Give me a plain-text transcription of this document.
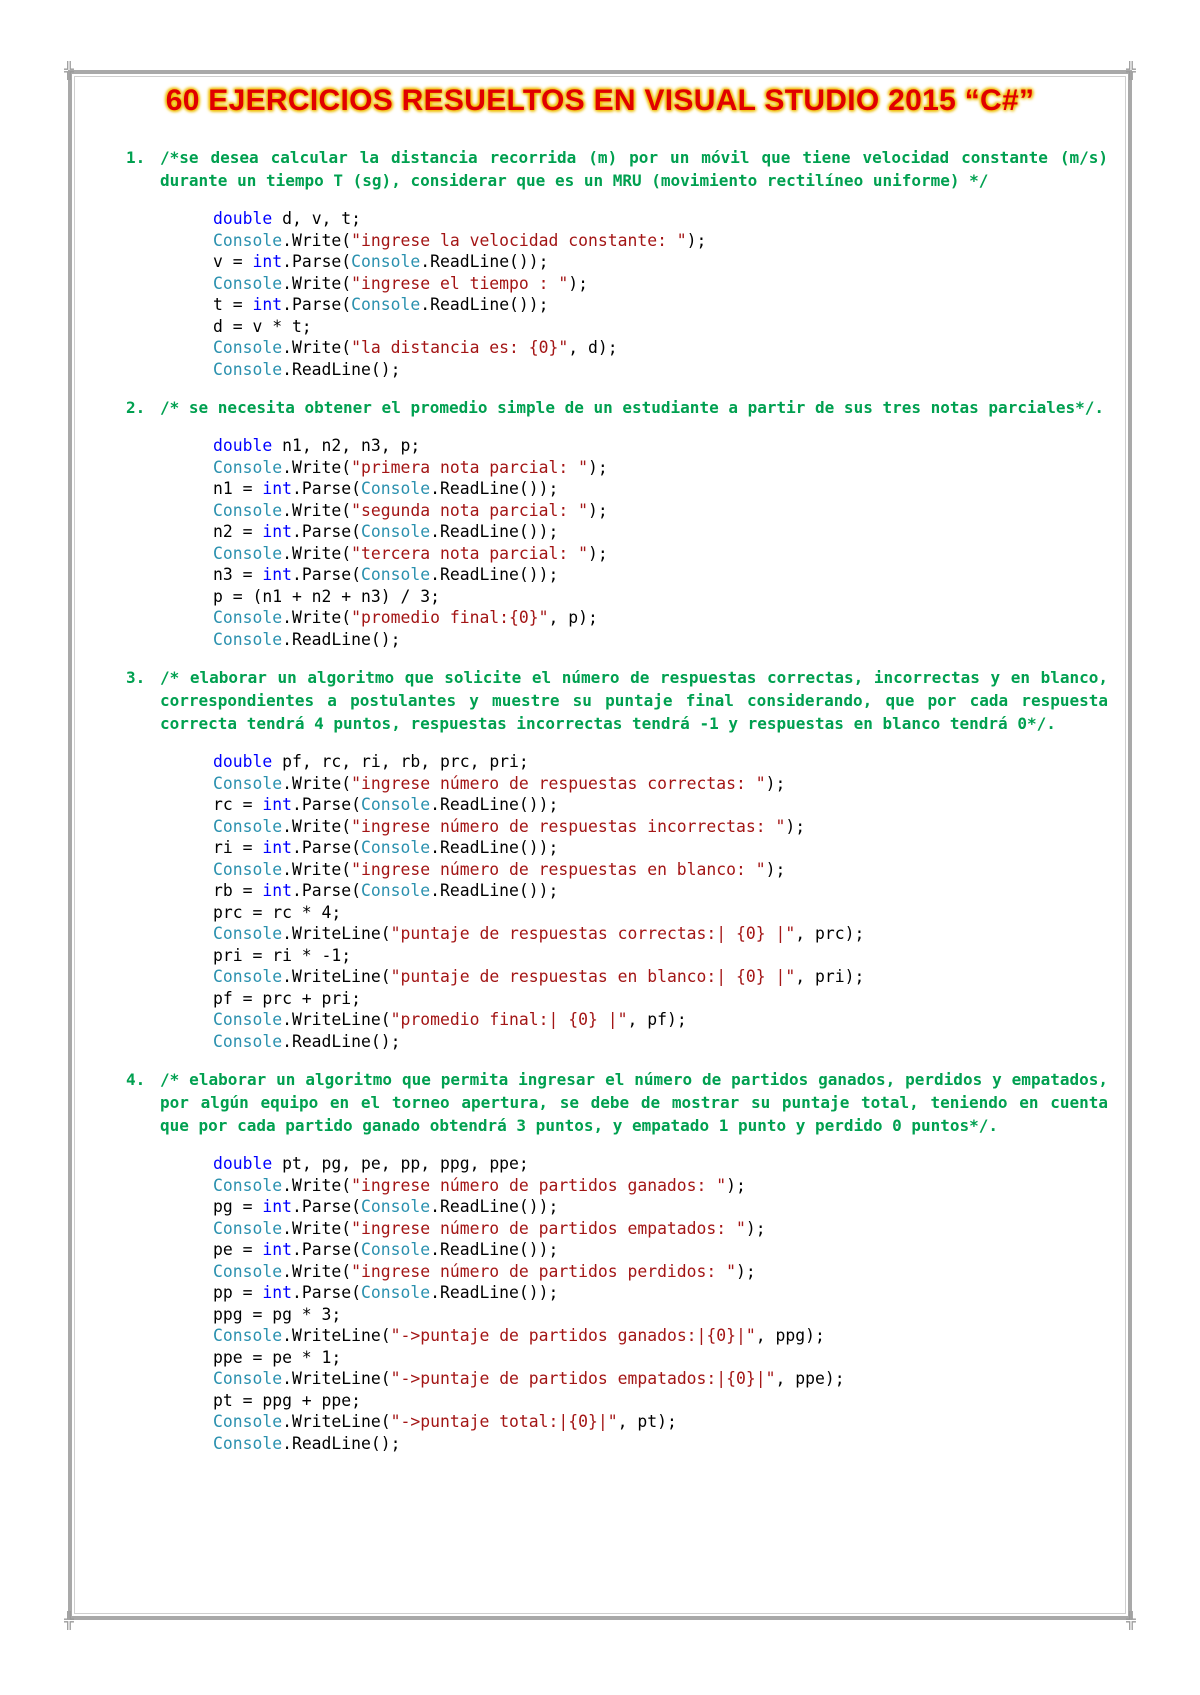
╬	╬
╬	╬
60 EJERCICIOS RESUELTOS EN VISUAL STUDIO 2015 “C#”
1. /*se desea calcular la distancia recorrida (m) por un móvil que tiene velocidad constante (m/s) durante un tiempo T (sg), considerar que es un MRU (movimiento rectilíneo uniforme) */

double d, v, t;
Console.Write("ingrese la velocidad constante: ");
v = int.Parse(Console.ReadLine());
Console.Write("ingrese el tiempo : ");
t = int.Parse(Console.ReadLine());
d = v * t;
Console.Write("la distancia es: {0}", d);
Console.ReadLine();
2. /* se necesita obtener el promedio simple de un estudiante a partir de sus tres notas parciales*/.

double n1, n2, n3, p;
Console.Write("primera nota parcial: ");
n1 = int.Parse(Console.ReadLine());
Console.Write("segunda nota parcial: ");
n2 = int.Parse(Console.ReadLine());
Console.Write("tercera nota parcial: ");
n3 = int.Parse(Console.ReadLine());
p = (n1 + n2 + n3) / 3;
Console.Write("promedio final:{0}", p);
Console.ReadLine();
3. /* elaborar un algoritmo que solicite el número de respuestas correctas, incorrectas y en blanco, correspondientes a postulantes y muestre su puntaje final considerando, que por cada respuesta correcta tendrá 4 puntos, respuestas incorrectas tendrá -1 y respuestas en blanco tendrá 0*/.

double pf, rc, ri, rb, prc, pri;
Console.Write("ingrese número de respuestas correctas: ");
rc = int.Parse(Console.ReadLine());
Console.Write("ingrese número de respuestas incorrectas: ");
ri = int.Parse(Console.ReadLine());
Console.Write("ingrese número de respuestas en blanco: ");
rb = int.Parse(Console.ReadLine());
prc = rc * 4;
Console.WriteLine("puntaje de respuestas correctas:| {0} |", prc);
pri = ri * -1;
Console.WriteLine("puntaje de respuestas en blanco:| {0} |", pri);
pf = prc + pri;
Console.WriteLine("promedio final:| {0} |", pf);
Console.ReadLine();
4. /* elaborar un algoritmo que permita ingresar el número de partidos ganados, perdidos y empatados, por algún equipo en el torneo apertura, se debe de mostrar su puntaje total, teniendo en cuenta que por cada partido ganado obtendrá 3 puntos, y empatado 1 punto y perdido 0 puntos*/.

double pt, pg, pe, pp, ppg, ppe;
Console.Write("ingrese número de partidos ganados: ");
pg = int.Parse(Console.ReadLine());
Console.Write("ingrese número de partidos empatados: ");
pe = int.Parse(Console.ReadLine());
Console.Write("ingrese número de partidos perdidos: ");
pp = int.Parse(Console.ReadLine());
ppg = pg * 3;
Console.WriteLine("->puntaje de partidos ganados:|{0}|", ppg);
ppe = pe * 1;
Console.WriteLine("->puntaje de partidos empatados:|{0}|", ppe);
pt = ppg + ppe;
Console.WriteLine("->puntaje total:|{0}|", pt);
Console.ReadLine();
